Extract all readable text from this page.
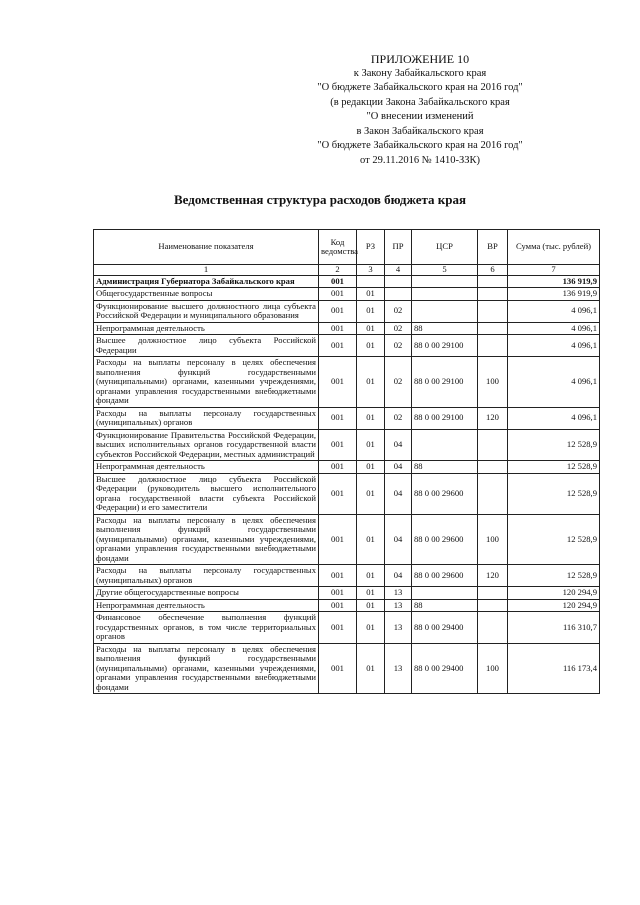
ПРИЛОЖЕНИЕ 10
к Закону Забайкальского края
"О бюджете Забайкальского края на 2016 год"
(в редакции Закона Забайкальского края
"О внесении изменений
в Закон Забайкальского края
"О бюджете Забайкальского края на 2016 год"
от 29.11.2016 № 1410-ЗЗК)
Ведомственная структура расходов бюджета края
Наименование показателя	Код ведомства	РЗ	ПР	ЦСР	ВР	Сумма (тыс. рублей)
1	2	3	4	5	6	7
Администрация Губернатора Забайкальского края	001					136 919,9
Общегосударственные вопросы	001	01				136 919,9
Функционирование высшего должностного лица субъекта Российской Федерации и муниципального образования	001	01	02			4 096,1
Непрограммная деятельность	001	01	02	88		4 096,1
Высшее должностное лицо субъекта Российской Федерации	001	01	02	88 0 00 29100		4 096,1
Расходы на выплаты персоналу в целях обеспечения выполнения функций государственными (муниципальными) органами, казенными учреждениями, органами управления государственными внебюджетными фондами	001	01	02	88 0 00 29100	100	4 096,1
Расходы на выплаты персоналу государственных (муниципальных) органов	001	01	02	88 0 00 29100	120	4 096,1
Функционирование Правительства Российской Федерации, высших исполнительных органов государственной власти субъектов Российской Федерации, местных администраций	001	01	04			12 528,9
Непрограммная деятельность	001	01	04	88		12 528,9
Высшее должностное лицо субъекта Российской Федерации (руководитель высшего исполнительного органа государственной власти субъекта Российской Федерации) и его заместители	001	01	04	88 0 00 29600		12 528,9
Расходы на выплаты персоналу в целях обеспечения выполнения функций государственными (муниципальными) органами, казенными учреждениями, органами управления государственными внебюджетными фондами	001	01	04	88 0 00 29600	100	12 528,9
Расходы на выплаты персоналу государственных (муниципальных) органов	001	01	04	88 0 00 29600	120	12 528,9
Другие общегосударственные вопросы	001	01	13			120 294,9
Непрограммная деятельность	001	01	13	88		120 294,9
Финансовое обеспечение выполнения функций государственных органов, в том числе территориальных органов	001	01	13	88 0 00 29400		116 310,7
Расходы на выплаты персоналу в целях обеспечения выполнения функций государственными (муниципальными) органами, казенными учреждениями, органами управления государственными внебюджетными фондами	001	01	13	88 0 00 29400	100	116 173,4
